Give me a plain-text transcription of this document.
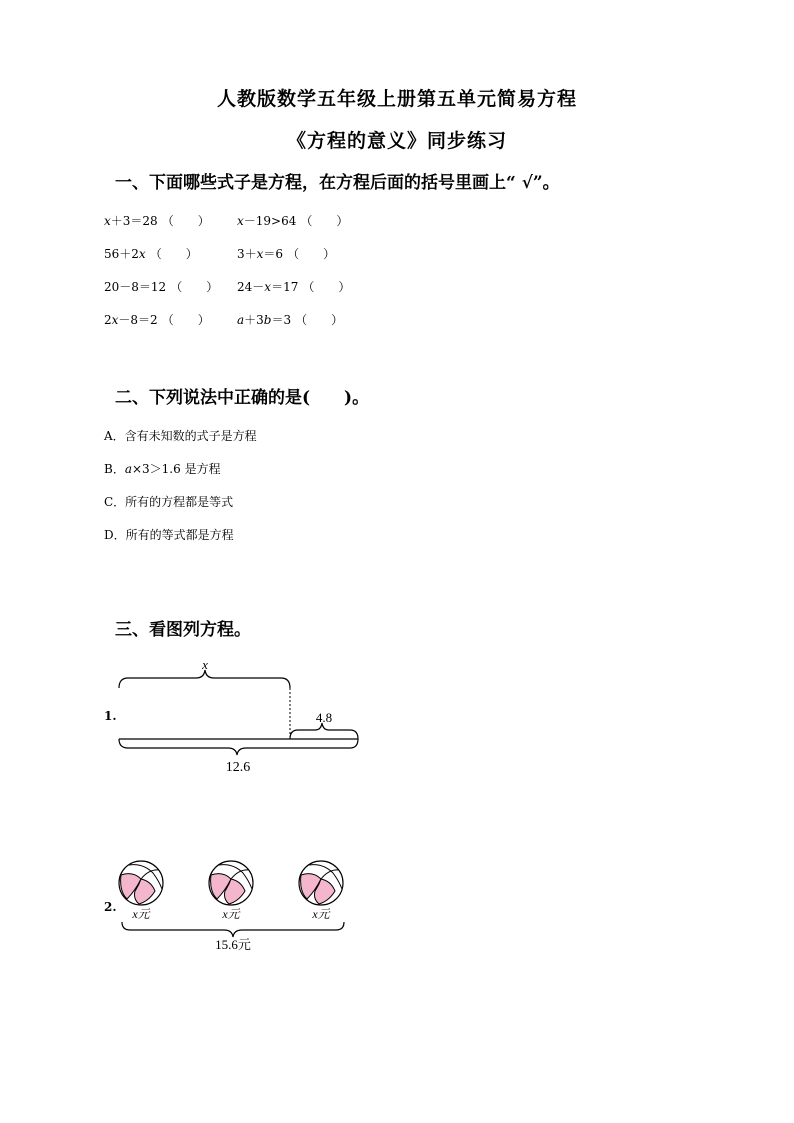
人教版数学五年级上册第五单元简易方程
《方程的意义》同步练习
一、下面哪些式子是方程，在方程后面的括号里画上“ √”。
x＋3＝28 （　　） x－19>64 （　　）
56＋2x （　　）	3＋x＝6 （　　）
20－8＝12 （　　） 24－x＝17 （　　）
2x－8＝2 （　　） a＋3b＝3 （　　）
二、下列说法中正确的是(　　)。
A．含有未知数的式子是方程
B．a×3＞1.6 是方程
C．所有的方程都是等式
D．所有的等式都是方程
三、看图列方程。
1.
x
4.8
12.6
2. x元	x元	x元
15.6元
